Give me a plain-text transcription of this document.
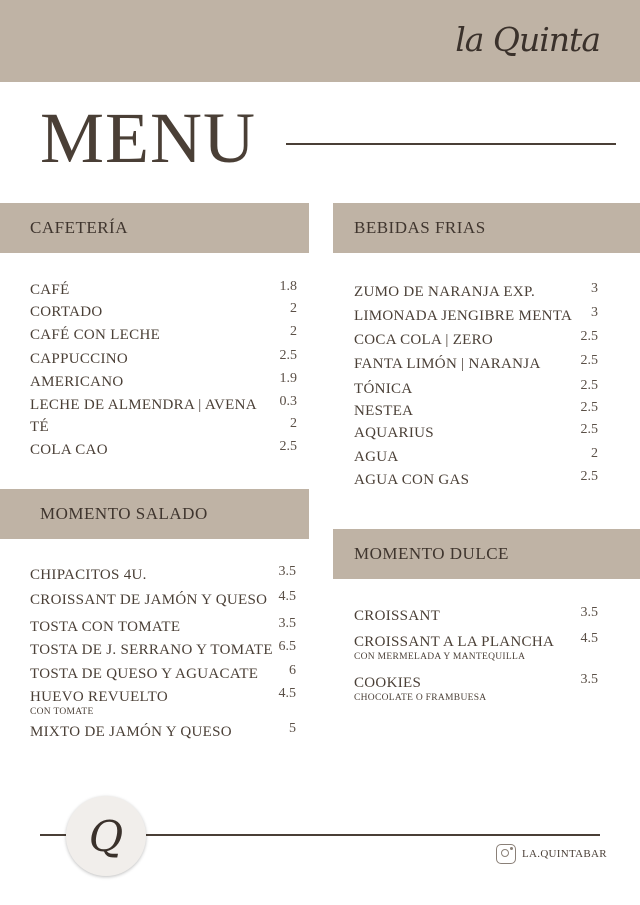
la Quinta
MENU
CAFETERÍA
CAFÉ	1.8
CORTADO	2
CAFÉ CON LECHE	2
CAPPUCCINO	2.5
AMERICANO	1.9
LECHE DE ALMENDRA | AVENA 0.3
TÉ	2
COLA CAO	2.5
BEBIDAS FRIAS
ZUMO DE NARANJA EXP.	3
LIMONADA JENGIBRE MENTA 3
COCA COLA | ZERO	2.5
FANTA LIMÓN | NARANJA	2.5
TÓNICA	2.5
NESTEA	2.5
AQUARIUS	2.5
AGUA	2
AGUA CON GAS	2.5
MOMENTO SALADO
CHIPACITOS 4U.	3.5
CROISSANT DE JAMÓN Y QUESO 4.5
TOSTA CON TOMATE	3.5
TOSTA DE J. SERRANO Y TOMATE 6.5
TOSTA DE QUESO Y AGUACATE 6
HUEVO REVUELTO
CON TOMATE
4.5
MIXTO DE JAMÓN Y QUESO	5
MOMENTO DULCE
CROISSANT	3.5
CROISSANT A LA PLANCHA
CON MERMELADA Y MANTEQUILLA
4.5
COOKIES
CHOCOLATE O FRAMBUESA
3.5
Q	LA.QUINTABAR
